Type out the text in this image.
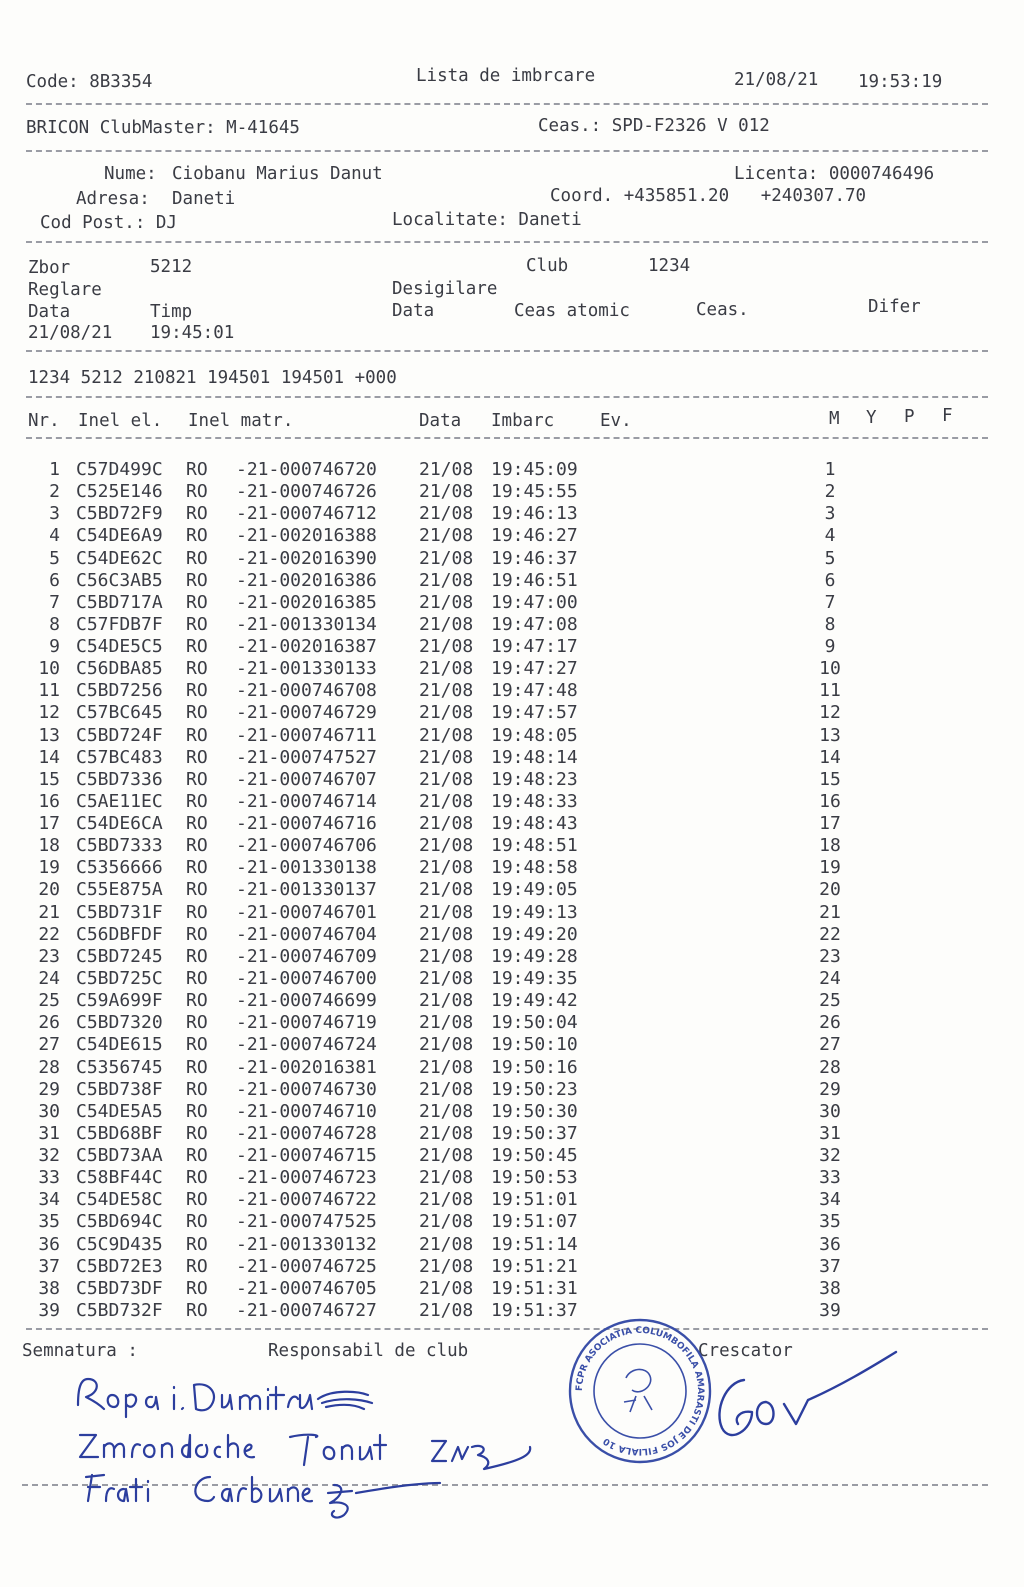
Code: 8B3354	Lista de imbrcare	21/08/21 19:53:19
BRICON ClubMaster: M-41645	Ceas.: SPD-F2326 V 012
Nume: Ciobanu Marius Danut	Licenta: 0000746496
Adresa: Daneti	Coord. +435851.20   +240307.70
Cod Post.: DJ	Localitate: Daneti
Zbor	5212	Club	1234
Reglare	Desigilare
Data	Timp	Data	Ceas atomic	Ceas.	Difer
21/08/21 19:45:01
1234 5212 210821 194501 194501 +000
Nr. Inel el. Inel matr.	Data Imbarc	Ev.	M Y P F
1 C57D499C RO -21-000746720 21/08 19:45:09	1
2 C525E146 RO -21-000746726 21/08 19:45:55	2
3 C5BD72F9 RO -21-000746712 21/08 19:46:13	3
4 C54DE6A9 RO -21-002016388 21/08 19:46:27	4
5 C54DE62C RO -21-002016390 21/08 19:46:37	5
6 C56C3AB5 RO -21-002016386 21/08 19:46:51	6
7 C5BD717A RO -21-002016385 21/08 19:47:00	7
8 C57FDB7F RO -21-001330134 21/08 19:47:08	8
9 C54DE5C5 RO -21-002016387 21/08 19:47:17	9
10 C56DBA85 RO -21-001330133 21/08 19:47:27	10
11 C5BD7256 RO -21-000746708 21/08 19:47:48	11
12 C57BC645 RO -21-000746729 21/08 19:47:57	12
13 C5BD724F RO -21-000746711 21/08 19:48:05	13
14 C57BC483 RO -21-000747527 21/08 19:48:14	14
15 C5BD7336 RO -21-000746707 21/08 19:48:23	15
16 C5AE11EC RO -21-000746714 21/08 19:48:33	16
17 C54DE6CA RO -21-000746716 21/08 19:48:43	17
18 C5BD7333 RO -21-000746706 21/08 19:48:51	18
19 C5356666 RO -21-001330138 21/08 19:48:58	19
20 C55E875A RO -21-001330137 21/08 19:49:05	20
21 C5BD731F RO -21-000746701 21/08 19:49:13	21
22 C56DBFDF RO -21-000746704 21/08 19:49:20	22
23 C5BD7245 RO -21-000746709 21/08 19:49:28	23
24 C5BD725C RO -21-000746700 21/08 19:49:35	24
25 C59A699F RO -21-000746699 21/08 19:49:42	25
26 C5BD7320 RO -21-000746719 21/08 19:50:04	26
27 C54DE615 RO -21-000746724 21/08 19:50:10	27
28 C5356745 RO -21-002016381 21/08 19:50:16	28
29 C5BD738F RO -21-000746730 21/08 19:50:23	29
30 C54DE5A5 RO -21-000746710 21/08 19:50:30	30
31 C5BD68BF RO -21-000746728 21/08 19:50:37	31
32 C5BD73AA RO -21-000746715 21/08 19:50:45	32
33 C58BF44C RO -21-000746723 21/08 19:50:53	33
34 C54DE58C RO -21-000746722 21/08 19:51:01	34
35 C5BD694C RO -21-000747525 21/08 19:51:07	35
36 C5C9D435 RO -21-001330132 21/08 19:51:14	36
37 C5BD72E3 RO -21-000746725 21/08 19:51:21	37
38 C5BD73DF RO -21-000746705 21/08 19:51:31	38
39 C5BD732F RO -21-000746727 21/08 19:51:37	39
Semnatura :	Responsabil de club	Crescator
FCPR ASOCIATIA COLUMBOFILA AMARASTI DE JOS FILIALA 10
